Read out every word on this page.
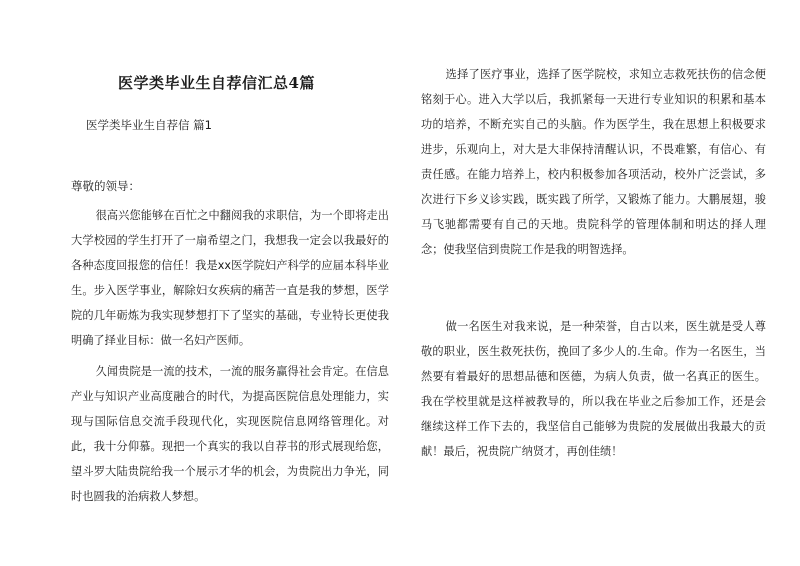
医学类毕业生自荐信汇总4篇
医学类毕业生自荐信 篇1
尊敬的领导：

很高兴您能够在百忙之中翻阅我的求职信，为一个即将走出大学校园的学生打开了一扇希望之门，我想我一定会以我最好的各种态度回报您的信任！我是xx医学院妇产科学的应届本科毕业生。步入医学事业，解除妇女疾病的痛苦一直是我的梦想，医学院的几年砺炼为我实现梦想打下了坚实的基础，专业特长更使我明确了择业目标：做一名妇产医师。

久闻贵院是一流的技术，一流的服务赢得社会肯定。在信息产业与知识产业高度融合的时代，为提高医院信息处理能力，实现与国际信息交流手段现代化，实现医院信息网络管理化。对此，我十分仰慕。现把一个真实的我以自荐书的形式展现给您，望斗罗大陆贵院给我一个展示才华的机会，为贵院出力争光，同时也圆我的治病救人梦想。

选择了医疗事业，选择了医学院校，求知立志救死扶伤的信念便铭刻于心。进入大学以后，我抓紧每一天进行专业知识的积累和基本功的培养，不断充实自己的头脑。作为医学生，我在思想上积极要求进步，乐观向上，对大是大非保持清醒认识，不畏难繁，有信心、有责任感。在能力培养上，校内积极参加各项活动，校外广泛尝试，多次进行下乡义诊实践，既实践了所学，又锻炼了能力。大鹏展翅，骏马飞驰都需要有自己的天地。贵院科学的管理体制和明达的择人理念；使我坚信到贵院工作是我的明智选择。

做一名医生对我来说，是一种荣誉，自古以来，医生就是受人尊敬的职业，医生救死扶伤，挽回了多少人的.生命。作为一名医生，当然要有着最好的思想品德和医德，为病人负责，做一名真正的医生。我在学校里就是这样被教导的，所以我在毕业之后参加工作，还是会继续这样工作下去的，我坚信自己能够为贵院的发展做出我最大的贡献！最后，祝贵院广纳贤才，再创佳绩！
